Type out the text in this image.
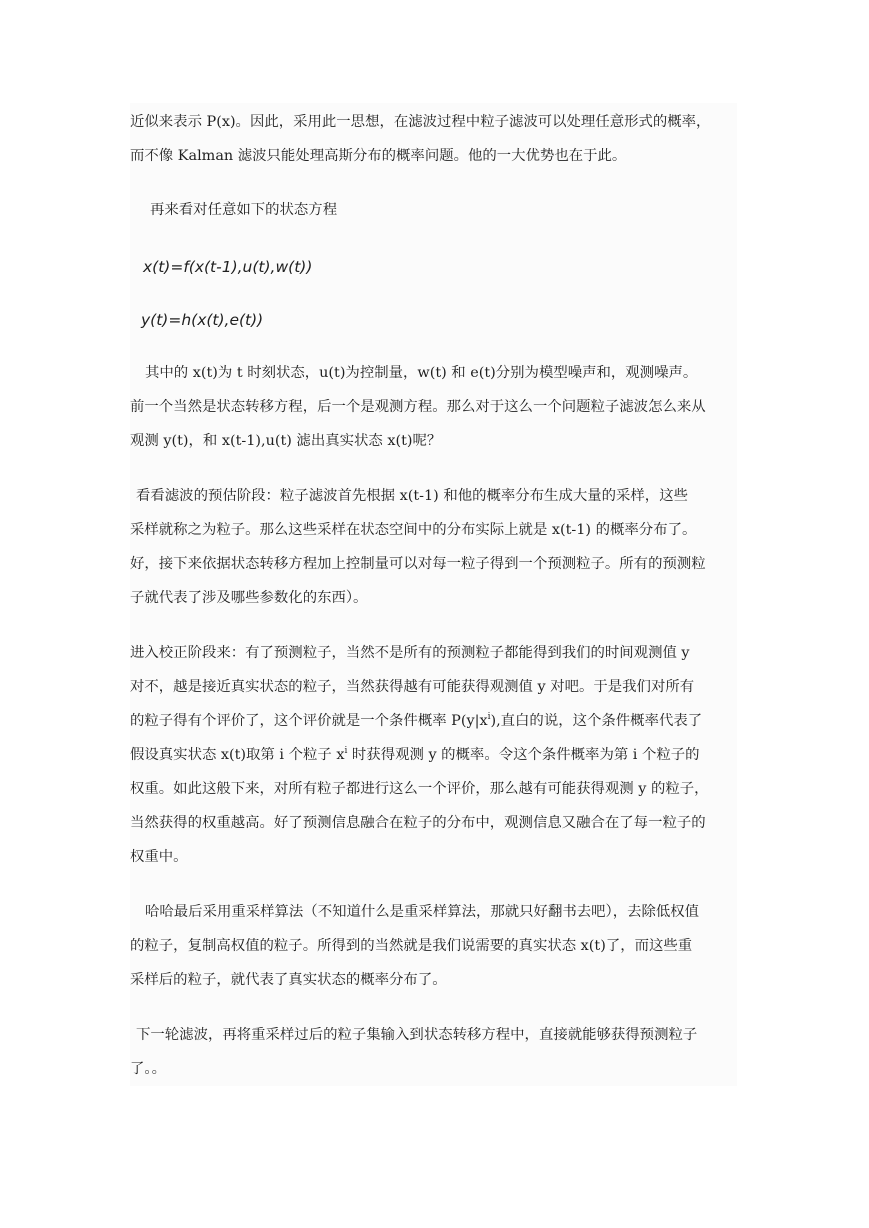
近似来表示 P(x)。因此，采用此一思想，在滤波过程中粒子滤波可以处理任意形式的概率，
而不像 Kalman 滤波只能处理高斯分布的概率问题。他的一大优势也在于此。
再来看对任意如下的状态方程
x(t)=f(x(t-1),u(t),w(t))
y(t)=h(x(t),e(t))
其中的 x(t)为 t 时刻状态，u(t)为控制量，w(t) 和 e(t)分别为模型噪声和，观测噪声。
前一个当然是状态转移方程，后一个是观测方程。那么对于这么一个问题粒子滤波怎么来从
观测 y(t)，和 x(t-1),u(t) 滤出真实状态 x(t)呢？
看看滤波的预估阶段：粒子滤波首先根据 x(t-1) 和他的概率分布生成大量的采样，这些
采样就称之为粒子。那么这些采样在状态空间中的分布实际上就是 x(t-1) 的概率分布了。
好，接下来依据状态转移方程加上控制量可以对每一粒子得到一个预测粒子。所有的预测粒
子就代表了涉及哪些参数化的东西）。
进入校正阶段来：有了预测粒子，当然不是所有的预测粒子都能得到我们的时间观测值 y
对不，越是接近真实状态的粒子，当然获得越有可能获得观测值 y 对吧。于是我们对所有
的粒子得有个评价了，这个评价就是一个条件概率 $P(y|x^i)$,直白的说，这个条件概率代表了
假设真实状态 x(t)取第 i 个粒子 $x^i$ 时获得观测 y 的概率。令这个条件概率为第 i 个粒子的
权重。如此这般下来，对所有粒子都进行这么一个评价，那么越有可能获得观测 y 的粒子，
当然获得的权重越高。好了预测信息融合在粒子的分布中，观测信息又融合在了每一粒子的
权重中。
哈哈最后采用重采样算法（不知道什么是重采样算法，那就只好翻书去吧），去除低权值
的粒子，复制高权值的粒子。所得到的当然就是我们说需要的真实状态 x(t)了，而这些重
采样后的粒子，就代表了真实状态的概率分布了。
下一轮滤波，再将重采样过后的粒子集输入到状态转移方程中，直接就能够获得预测粒子
了。。
